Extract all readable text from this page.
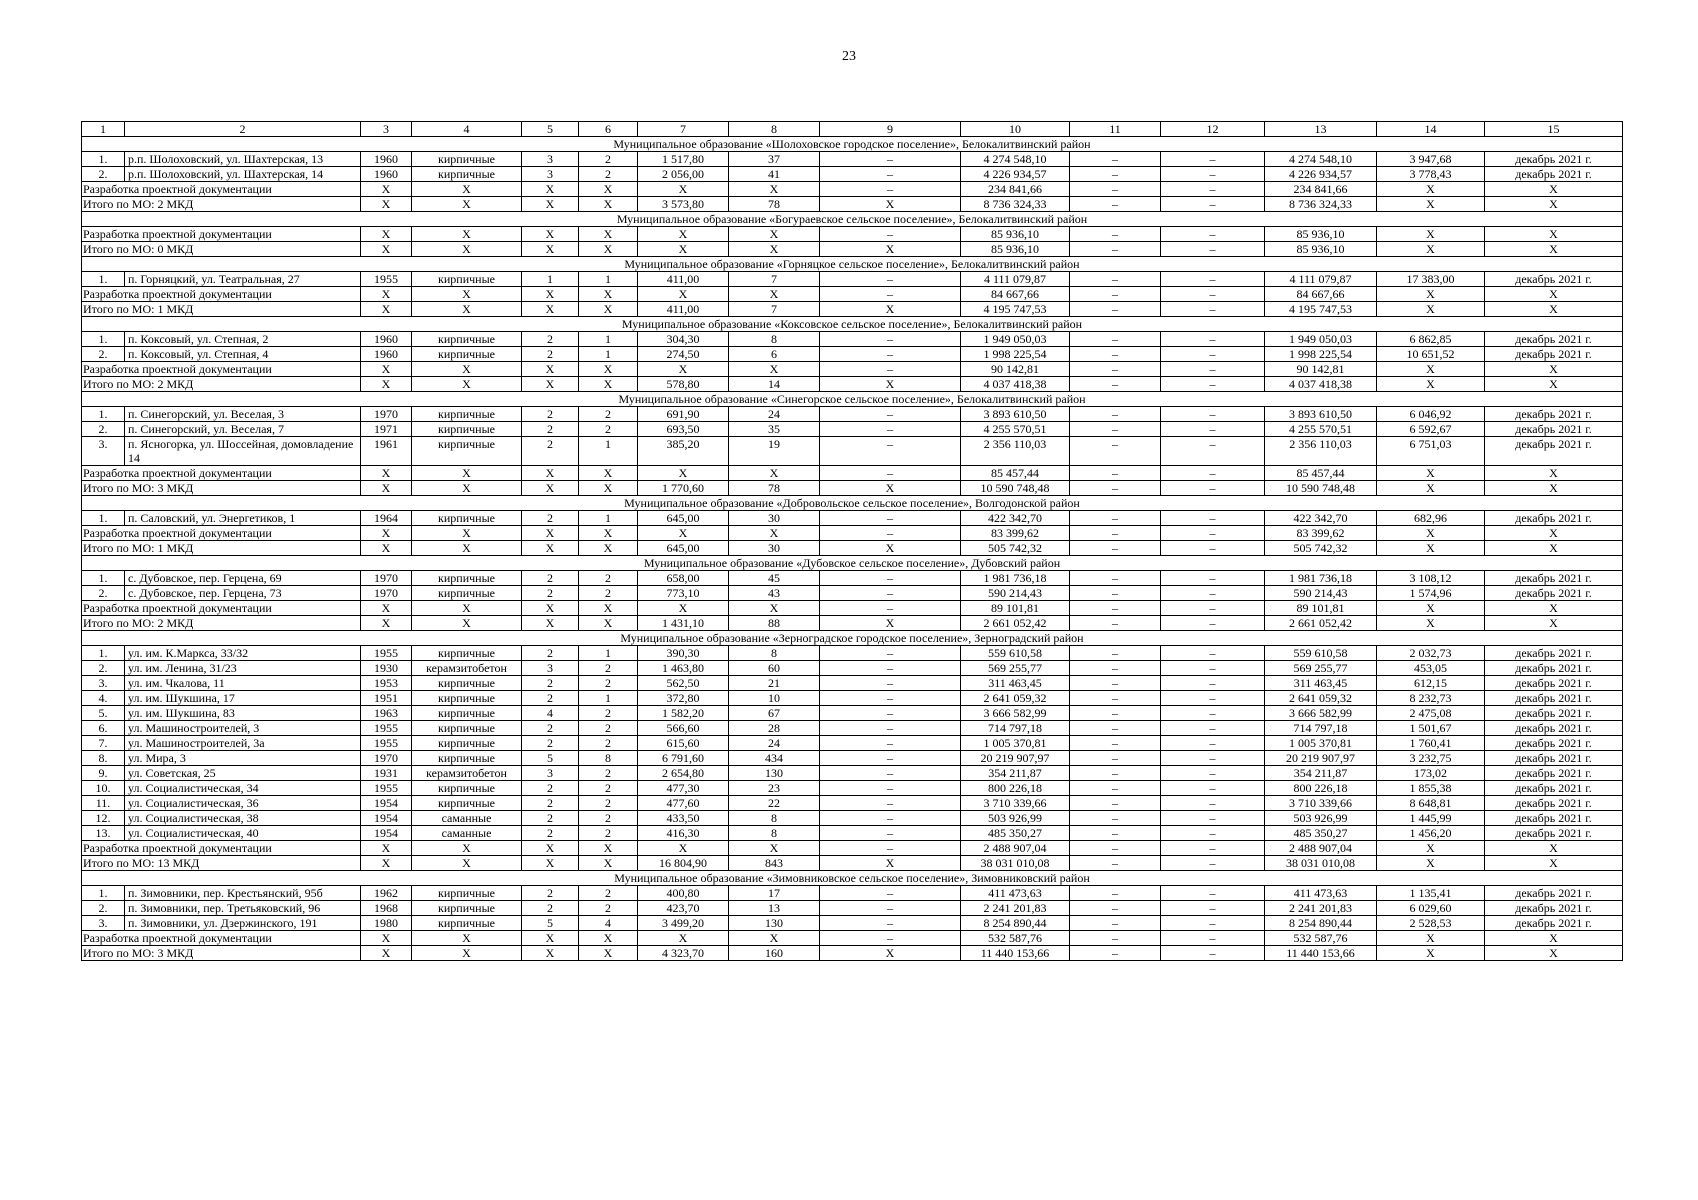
23
1	2	3	4	5	6	7	8	9	10	11	12	13	14	15
Муниципальное образование «Шолоховское городское поселение», Белокалитвинский район														
1.	р.п. Шолоховский, ул. Шахтерская, 13	1960	кирпичные	3	2	1 517,80	37	–	4 274 548,10	–	–	4 274 548,10	3 947,68	декабрь 2021 г.
2.	р.п. Шолоховский, ул. Шахтерская, 14	1960	кирпичные	3	2	2 056,00	41	–	4 226 934,57	–	–	4 226 934,57	3 778,43	декабрь 2021 г.
Разработка проектной документации		X	X	X	X	X	X	–	234 841,66	–	–	234 841,66	X	X
Итого по МО: 2 МКД		X	X	X	X	3 573,80	78	X	8 736 324,33	–	–	8 736 324,33	X	X
Муниципальное образование «Богураевское сельское поселение», Белокалитвинский район														
Разработка проектной документации		X	X	X	X	X	X	–	85 936,10	–	–	85 936,10	X	X
Итого по МО: 0 МКД		X	X	X	X	X	X	X	85 936,10	–	–	85 936,10	X	X
Муниципальное образование «Горняцкое сельское поселение», Белокалитвинский район														
1.	п. Горняцкий, ул. Театральная, 27	1955	кирпичные	1	1	411,00	7	–	4 111 079,87	–	–	4 111 079,87	17 383,00	декабрь 2021 г.
Разработка проектной документации		X	X	X	X	X	X	–	84 667,66	–	–	84 667,66	X	X
Итого по МО: 1 МКД		X	X	X	X	411,00	7	X	4 195 747,53	–	–	4 195 747,53	X	X
Муниципальное образование «Коксовское сельское поселение», Белокалитвинский район														
1.	п. Коксовый, ул. Степная, 2	1960	кирпичные	2	1	304,30	8	–	1 949 050,03	–	–	1 949 050,03	6 862,85	декабрь 2021 г.
2.	п. Коксовый, ул. Степная, 4	1960	кирпичные	2	1	274,50	6	–	1 998 225,54	–	–	1 998 225,54	10 651,52	декабрь 2021 г.
Разработка проектной документации		X	X	X	X	X	X	–	90 142,81	–	–	90 142,81	X	X
Итого по МО: 2 МКД		X	X	X	X	578,80	14	X	4 037 418,38	–	–	4 037 418,38	X	X
Муниципальное образование «Синегорское сельское поселение», Белокалитвинский район														
1.	п. Синегорский, ул. Веселая, 3	1970	кирпичные	2	2	691,90	24	–	3 893 610,50	–	–	3 893 610,50	6 046,92	декабрь 2021 г.
2.	п. Синегорский, ул. Веселая, 7	1971	кирпичные	2	2	693,50	35	–	4 255 570,51	–	–	4 255 570,51	6 592,67	декабрь 2021 г.
3.	п. Ясногорка, ул. Шоссейная, домовладение 14	1961	кирпичные	2	1	385,20	19	–	2 356 110,03	–	–	2 356 110,03	6 751,03	декабрь 2021 г.
Разработка проектной документации		X	X	X	X	X	X	–	85 457,44	–	–	85 457,44	X	X
Итого по МО: 3 МКД		X	X	X	X	1 770,60	78	X	10 590 748,48	–	–	10 590 748,48	X	X
Муниципальное образование «Добровольское сельское поселение», Волгодонской район														
1.	п. Саловский, ул. Энергетиков, 1	1964	кирпичные	2	1	645,00	30	–	422 342,70	–	–	422 342,70	682,96	декабрь 2021 г.
Разработка проектной документации		X	X	X	X	X	X	–	83 399,62	–	–	83 399,62	X	X
Итого по МО: 1 МКД		X	X	X	X	645,00	30	X	505 742,32	–	–	505 742,32	X	X
Муниципальное образование «Дубовское сельское поселение», Дубовский район														
1.	с. Дубовское, пер. Герцена, 69	1970	кирпичные	2	2	658,00	45	–	1 981 736,18	–	–	1 981 736,18	3 108,12	декабрь 2021 г.
2.	с. Дубовское, пер. Герцена, 73	1970	кирпичные	2	2	773,10	43	–	590 214,43	–	–	590 214,43	1 574,96	декабрь 2021 г.
Разработка проектной документации		X	X	X	X	X	X	–	89 101,81	–	–	89 101,81	X	X
Итого по МО: 2 МКД		X	X	X	X	1 431,10	88	X	2 661 052,42	–	–	2 661 052,42	X	X
Муниципальное образование «Зерноградское городское поселение», Зерноградский район														
1.	ул. им. К.Маркса, 33/32	1955	кирпичные	2	1	390,30	8	–	559 610,58	–	–	559 610,58	2 032,73	декабрь 2021 г.
2.	ул. им. Ленина, 31/23	1930	керамзитобетон	3	2	1 463,80	60	–	569 255,77	–	–	569 255,77	453,05	декабрь 2021 г.
3.	ул. им. Чкалова, 11	1953	кирпичные	2	2	562,50	21	–	311 463,45	–	–	311 463,45	612,15	декабрь 2021 г.
4.	ул. им. Шукшина, 17	1951	кирпичные	2	1	372,80	10	–	2 641 059,32	–	–	2 641 059,32	8 232,73	декабрь 2021 г.
5.	ул. им. Шукшина, 83	1963	кирпичные	4	2	1 582,20	67	–	3 666 582,99	–	–	3 666 582,99	2 475,08	декабрь 2021 г.
6.	ул. Машиностроителей, 3	1955	кирпичные	2	2	566,60	28	–	714 797,18	–	–	714 797,18	1 501,67	декабрь 2021 г.
7.	ул. Машиностроителей, 3а	1955	кирпичные	2	2	615,60	24	–	1 005 370,81	–	–	1 005 370,81	1 760,41	декабрь 2021 г.
8.	ул. Мира, 3	1970	кирпичные	5	8	6 791,60	434	–	20 219 907,97	–	–	20 219 907,97	3 232,75	декабрь 2021 г.
9.	ул. Советская, 25	1931	керамзитобетон	3	2	2 654,80	130	–	354 211,87	–	–	354 211,87	173,02	декабрь 2021 г.
10.	ул. Социалистическая, 34	1955	кирпичные	2	2	477,30	23	–	800 226,18	–	–	800 226,18	1 855,38	декабрь 2021 г.
11.	ул. Социалистическая, 36	1954	кирпичные	2	2	477,60	22	–	3 710 339,66	–	–	3 710 339,66	8 648,81	декабрь 2021 г.
12.	ул. Социалистическая, 38	1954	саманные	2	2	433,50	8	–	503 926,99	–	–	503 926,99	1 445,99	декабрь 2021 г.
13.	ул. Социалистическая, 40	1954	саманные	2	2	416,30	8	–	485 350,27	–	–	485 350,27	1 456,20	декабрь 2021 г.
Разработка проектной документации		X	X	X	X	X	X	–	2 488 907,04	–	–	2 488 907,04	X	X
Итого по МО: 13 МКД		X	X	X	X	16 804,90	843	X	38 031 010,08	–	–	38 031 010,08	X	X
Муниципальное образование «Зимовниковское сельское поселение», Зимовниковский район														
1.	п. Зимовники, пер. Крестьянский, 95б	1962	кирпичные	2	2	400,80	17	–	411 473,63	–	–	411 473,63	1 135,41	декабрь 2021 г.
2.	п. Зимовники, пер. Третьяковский, 96	1968	кирпичные	2	2	423,70	13	–	2 241 201,83	–	–	2 241 201,83	6 029,60	декабрь 2021 г.
3.	п. Зимовники, ул. Дзержинского, 191	1980	кирпичные	5	4	3 499,20	130	–	8 254 890,44	–	–	8 254 890,44	2 528,53	декабрь 2021 г.
Разработка проектной документации		X	X	X	X	X	X	–	532 587,76	–	–	532 587,76	X	X
Итого по МО: 3 МКД		X	X	X	X	4 323,70	160	X	11 440 153,66	–	–	11 440 153,66	X	X
